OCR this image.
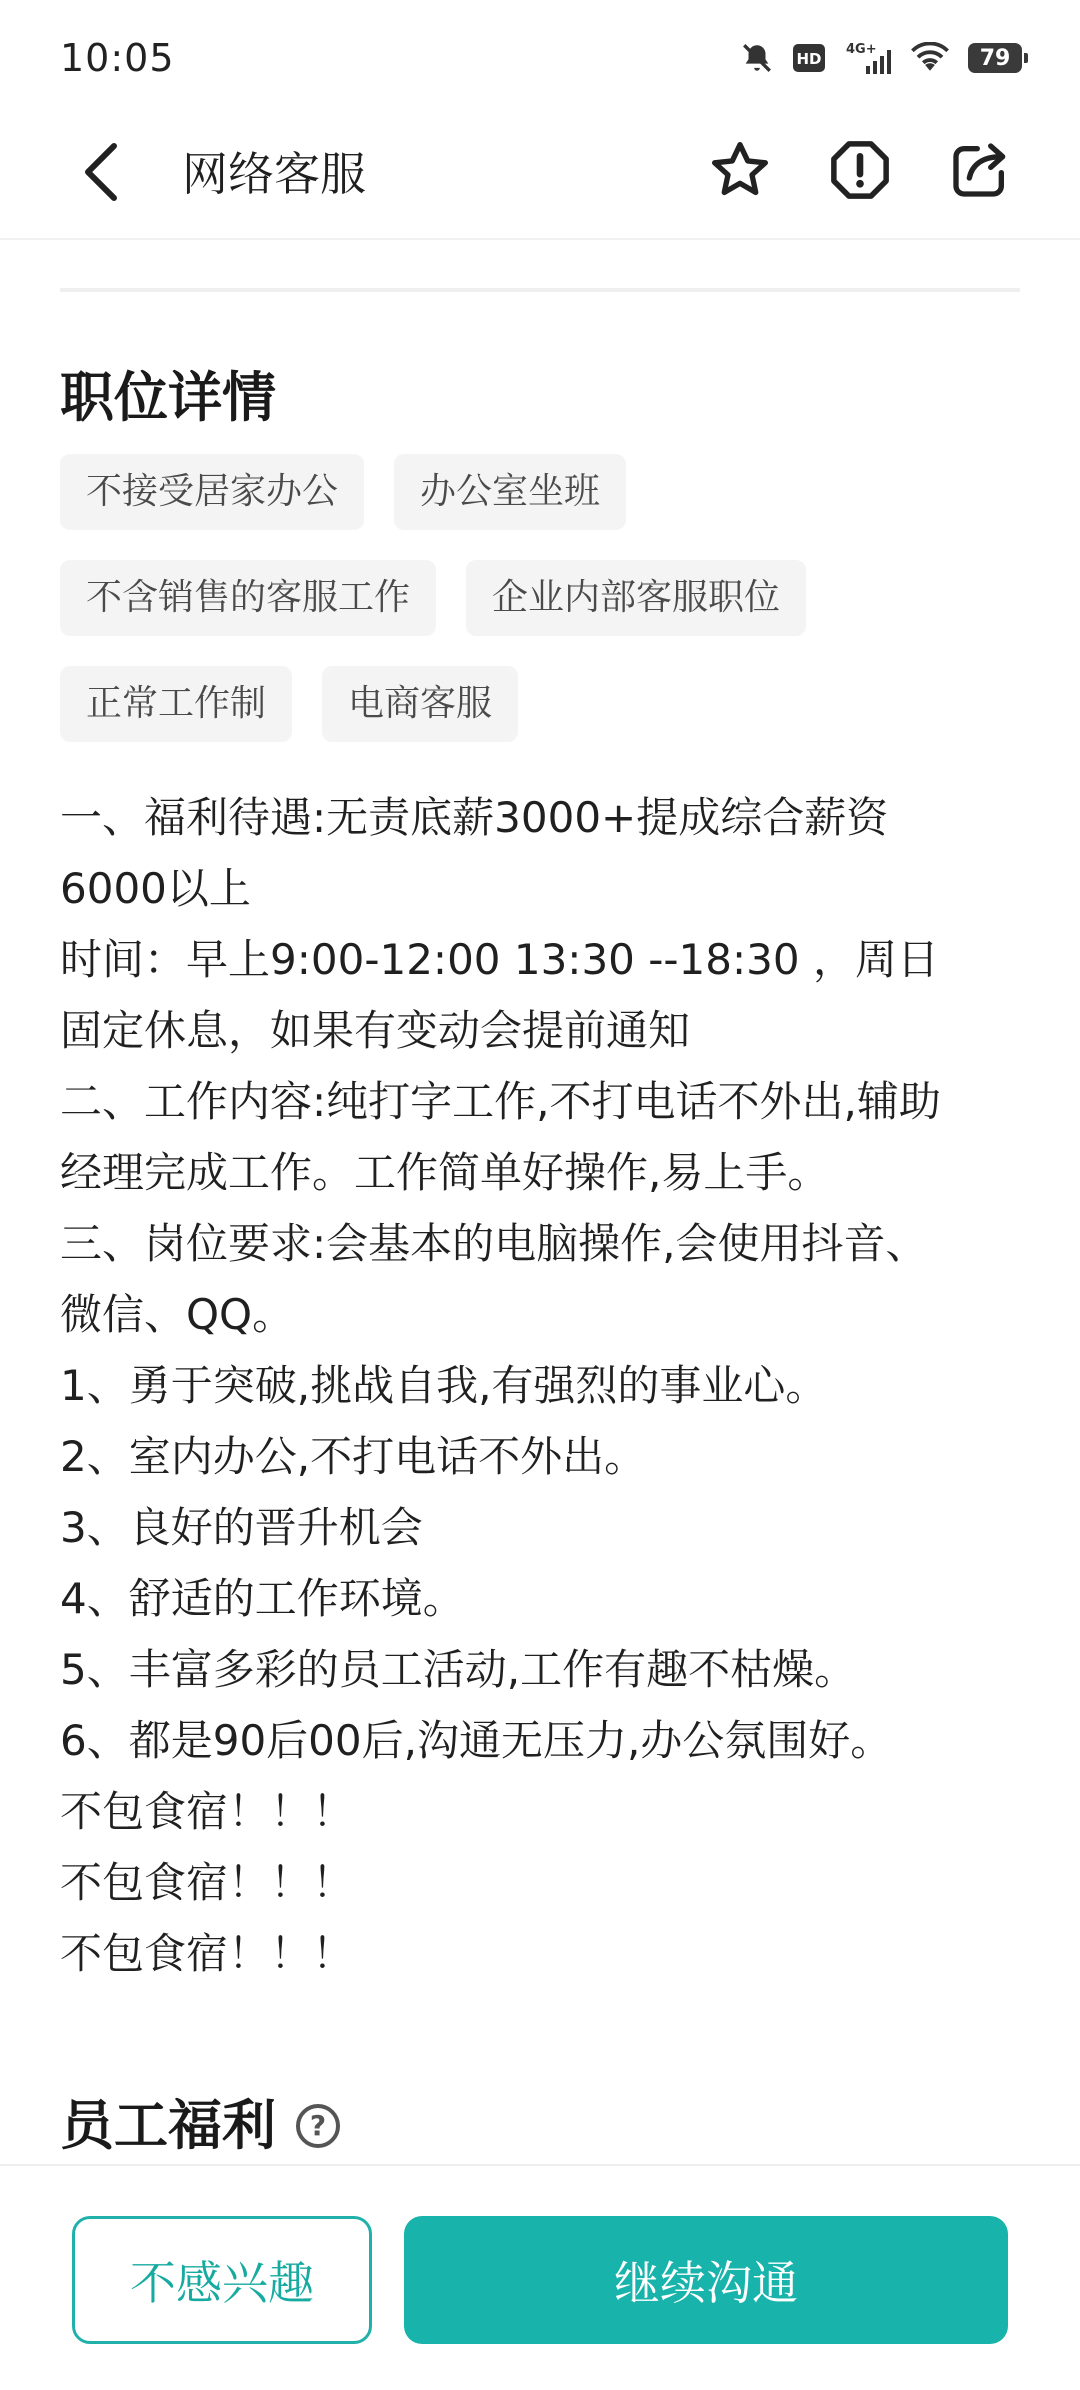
10:05	HD
4G+	79
网络客服
职位详情
不接受居家办公	办公室坐班
不含销售的客服工作	企业内部客服职位
正常工作制	电商客服
一、福利待遇:无责底薪3000+提成综合薪资
6000以上
时间：早上9:00-12:00 13:30 --18:30 ，周日
固定休息，如果有变动会提前通知
二、工作内容:纯打字工作,不打电话不外出,辅助
经理完成工作。工作简单好操作,易上手。
三、岗位要求:会基本的电脑操作,会使用抖音、
微信、QQ。
1、勇于突破,挑战自我,有强烈的事业心。
2、室内办公,不打电话不外出。
3、良好的晋升机会
4、舒适的工作环境。
5、丰富多彩的员工活动,工作有趣不枯燥。
6、都是90后00后,沟通无压力,办公氛围好。
不包食宿！！！
不包食宿！！！
不包食宿！！！
员工福利 ?
不感兴趣	继续沟通
